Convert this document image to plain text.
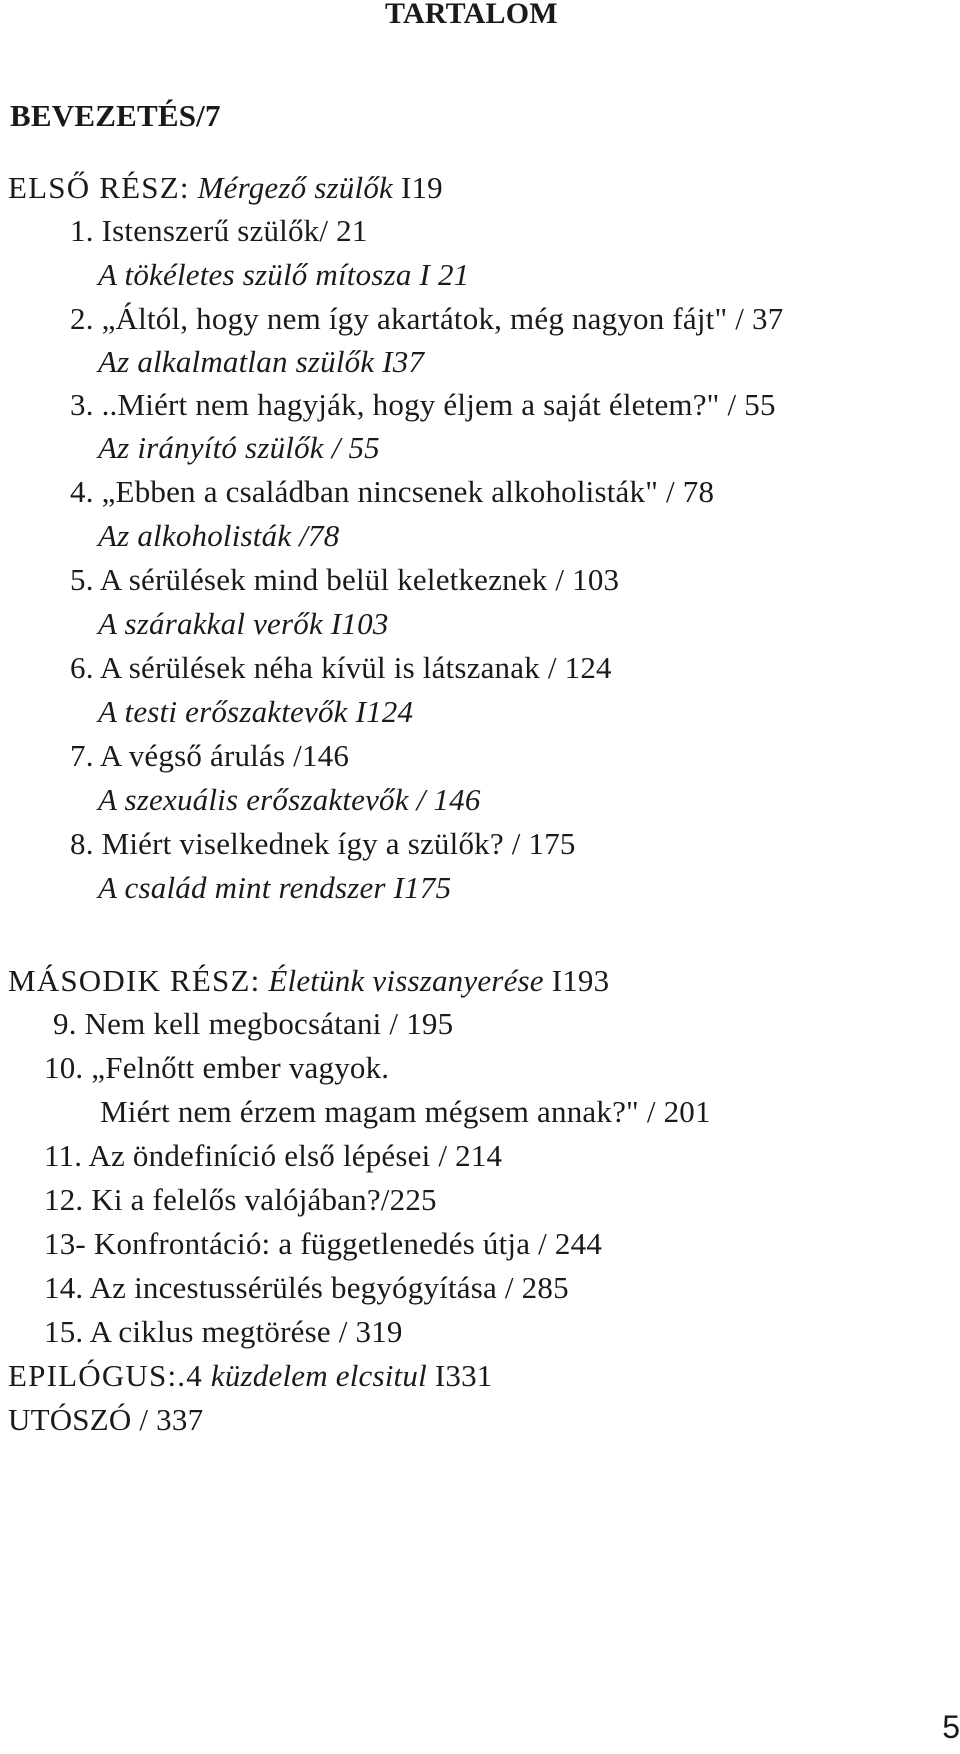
TARTALOM
BEVEZETÉS/7
ELSŐ RÉSZ: Mérgező szülők I19
1. Istenszerű szülők/ 21
A tökéletes szülő mítosza I 21
2. „Áltól, hogy nem így akartátok, még nagyon fájt" / 37
Az alkalmatlan szülők I37
3. ..Miért nem hagyják, hogy éljem a saját életem?" / 55
Az irányító szülők / 55
4. „Ebben a családban nincsenek alkoholisták" / 78
Az alkoholisták /78
5. A sérülések mind belül keletkeznek / 103
A szárakkal verők I103
6. A sérülések néha kívül is látszanak / 124
A testi erőszaktevők I124
7. A végső árulás /146
A szexuális erőszaktevők / 146
8. Miért viselkednek így a szülők? / 175
A család mint rendszer I175
MÁSODIK RÉSZ: Életünk visszanyerése I193
9. Nem kell megbocsátani / 195
10. „Felnőtt ember vagyok.
Miért nem érzem magam mégsem annak?" / 201
11. Az öndefiníció első lépései / 214
12. Ki a felelős valójában?/225
13- Konfrontáció: a függetlenedés útja / 244
14. Az incestussérülés begyógyítása / 285
15. A ciklus megtörése / 319
EPILÓGUS:.4 küzdelem elcsitul I331
UTÓSZÓ / 337
5
